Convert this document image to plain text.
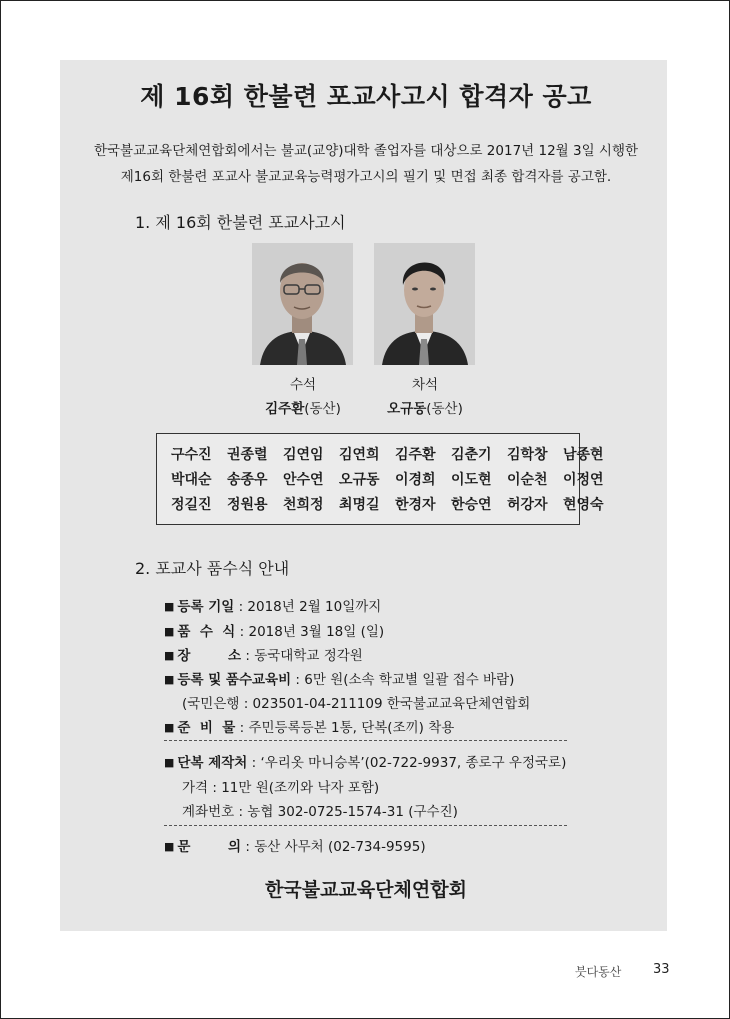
제 16회 한불련 포교사고시 합격자 공고
한국불교교육단체연합회에서는 불교(교양)대학 졸업자를 대상으로 2017년 12월 3일 시행한
제16회 한불련 포교사 불교교육능력평가고시의 필기 및 면접 최종 합격자를 공고함.
1. 제 16회 한불련 포교사고시
수석
김주환(동산)
차석
오규동(동산)
구수진	권종렬	김연임	김연희	김주환	김춘기	김학창	남종현
박대순	송종우	안수연	오규동	이경희	이도현	이순천	이정연
정길진	정원용	천희정	최명길	한경자	한승연	허강자	현영숙
2. 포교사 품수식 안내
■ 등록 기일 : 2018년 2월 10일까지
■ 품  수  식 : 2018년 3월 18일 (일)
■ 장        소 : 동국대학교 정각원
■ 등록 및 품수교육비 : 6만 원(소속 학교별 일괄 접수 바람)
(국민은행 : 023501-04-211109 한국불교교육단체연합회
■ 준  비  물 : 주민등록등본 1통, 단복(조끼) 착용
■ 단복 제작처 : ‘우리옷 마니승복’(02-722-9937, 종로구 우정국로)
가격 : 11만 원(조끼와 낙자 포함)
계좌번호 : 농협 302-0725-1574-31 (구수진)
■ 문        의 : 동산 사무처 (02-734-9595)
한국불교교육단체연합회
붓다동산 33
